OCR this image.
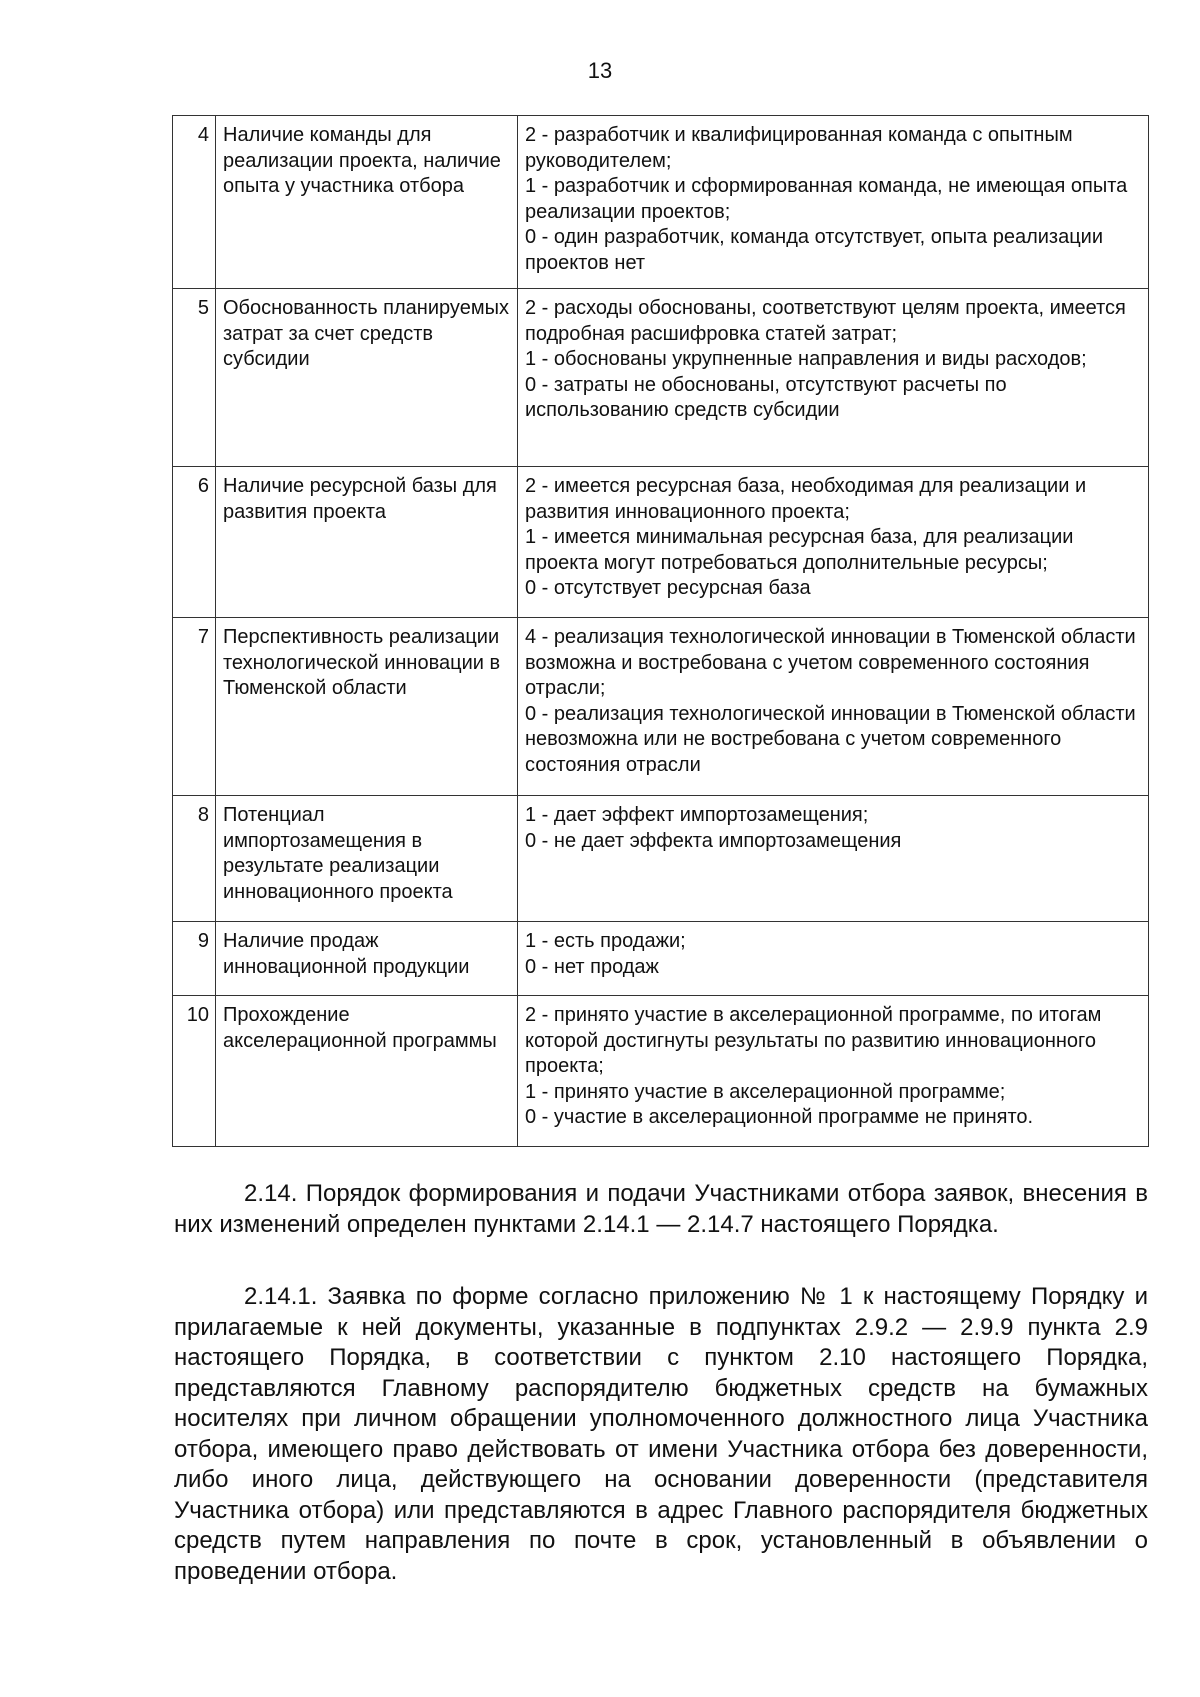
13
4	Наличие команды для реализации проекта, наличие опыта у участника отбора	2 - разработчик и квалифицированная команда с опытным руководителем;
1 - разработчик и сформированная команда, не имеющая опыта реализации проектов;
0 - один разработчик, команда отсутствует, опыта реализации проектов нет
5	Обоснованность планируемых затрат за счет средств субсидии	2 - расходы обоснованы, соответствуют целям проекта, имеется подробная расшифровка статей затрат;
1 - обоснованы укрупненные направления и виды расходов;
0 - затраты не обоснованы, отсутствуют расчеты по использованию средств субсидии
6	Наличие ресурсной базы для развития проекта	2 - имеется ресурсная база, необходимая для реализации и развития инновационного проекта;
1 - имеется минимальная ресурсная база, для реализации проекта могут потребоваться дополнительные ресурсы;
0 - отсутствует ресурсная база
7	Перспективность реализации технологической инновации в Тюменской области	4 - реализация технологической инновации в Тюменской области возможна и востребована с учетом современного состояния отрасли;
0 - реализация технологической инновации в Тюменской области невозможна или не востребована с учетом современного состояния отрасли
8	Потенциал импортозамещения в результате реализации инновационного проекта	1 - дает эффект импортозамещения;
0 - не дает эффекта импортозамещения
9	Наличие продаж инновационной продукции	1 - есть продажи;
0 - нет продаж
10	Прохождение акселерационной программы	2 - принято участие в акселерационной программе, по итогам которой достигнуты результаты по развитию инновационного проекта;
1 - принято участие в акселерационной программе;
0 - участие в акселерационной программе не принято.

2.14. Порядок формирования и подачи Участниками отбора заявок, внесения в них изменений определен пунктами 2.14.1 — 2.14.7 настоящего Порядка.

2.14.1. Заявка по форме согласно приложению № 1 к настоящему Порядку и прилагаемые к ней документы, указанные в подпунктах 2.9.2 — 2.9.9 пункта 2.9 настоящего Порядка, в соответствии с пунктом 2.10 настоящего Порядка, представляются Главному распорядителю бюджетных средств на бумажных носителях при личном обращении уполномоченного должностного лица Участника отбора, имеющего право действовать от имени Участника отбора без доверенности, либо иного лица, действующего на основании доверенности (представителя Участника отбора) или представляются в адрес Главного распорядителя бюджетных средств путем направления по почте в срок, установленный в объявлении о проведении отбора.
